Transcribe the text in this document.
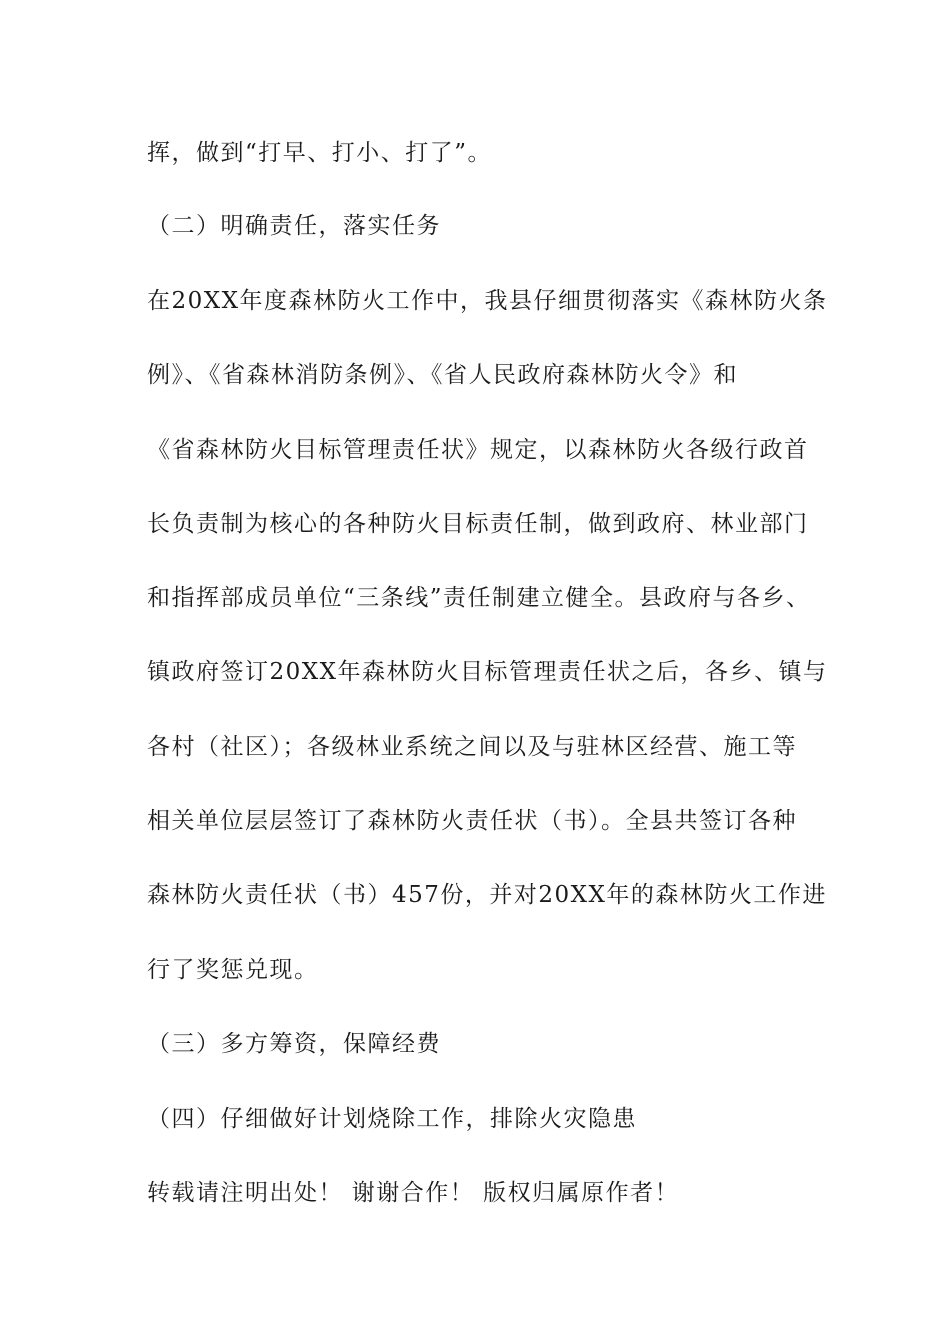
挥，做到“打早、打小、打了”。
（二）明确责任，落实任务
在20XX年度森林防火工作中，我县仔细贯彻落实《森林防火条
例》、《省森林消防条例》、《省人民政府森林防火令》和
《省森林防火目标管理责任状》规定，以森林防火各级行政首
长负责制为核心的各种防火目标责任制，做到政府、林业部门
和指挥部成员单位“三条线”责任制建立健全。县政府与各乡、
镇政府签订20XX年森林防火目标管理责任状之后，各乡、镇与
各村（社区）；各级林业系统之间以及与驻林区经营、施工等
相关单位层层签订了森林防火责任状（书）。全县共签订各种
森林防火责任状（书）457份，并对20XX年的森林防火工作进
行了奖惩兑现。
（三）多方筹资，保障经费
（四）仔细做好计划烧除工作，排除火灾隐患
转载请注明出处！ 谢谢合作！ 版权归属原作者！
